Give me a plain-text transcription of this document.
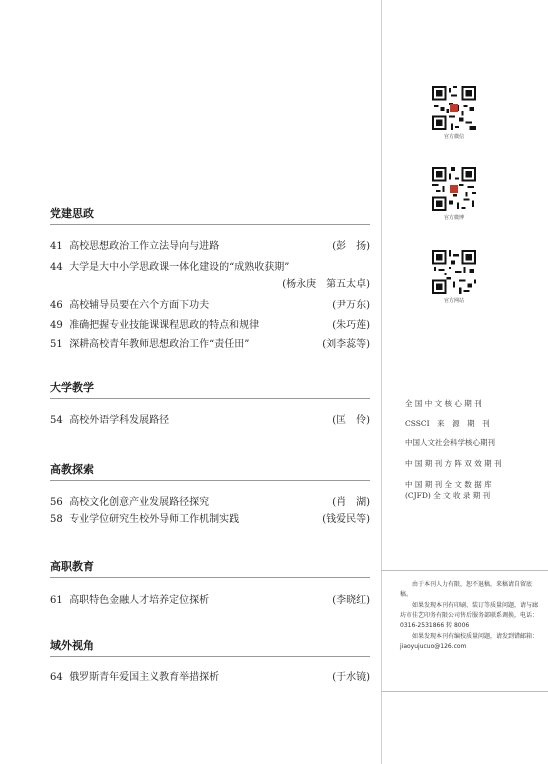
党建思政
41 高校思想政治工作立法导向与进路	(彭　扬)
44 大学是大中小学思政课一体化建设的“成熟收获期”
(杨永庚　第五太卓)
46 高校辅导员要在六个方面下功夫	(尹万东)
49 准确把握专业技能课课程思政的特点和规律	(朱巧莲)
51 深耕高校青年教师思想政治工作“责任田”	(刘李蕊等)
大学教学
54 高校外语学科发展路径	(匡　伶)
高教探索
56 高校文化创意产业发展路径探究	(肖　湖)
58 专业学位研究生校外导师工作机制实践	(钱爱民等)
高职教育
61 高职特色金融人才培养定位探析	(李晓红)
域外视角
64 俄罗斯青年爱国主义教育举措探析	(于水镜)
官方微信
官方微博
官方网站
全 国 中 文 核 心 期 刊
CSSCI　来　源　期　刊
中国人文社会科学核心期刊
中 国 期 刊 方 阵 双 效 期 刊
中 国 期 刊 全 文 数 据 库
(CJFD) 全 文 收 录 期 刊

由于本刊人力有限，恕不退稿，来稿请自留底稿。

如果发现本刊有印刷、装订等质量问题，请与廊坊市佳艺印务有限公司售后服务部联系调换，电话：0316-2531866 转 8006

如果发现本刊有编校质量问题，请发到错邮箱：jiaoyujucuo@126.com
